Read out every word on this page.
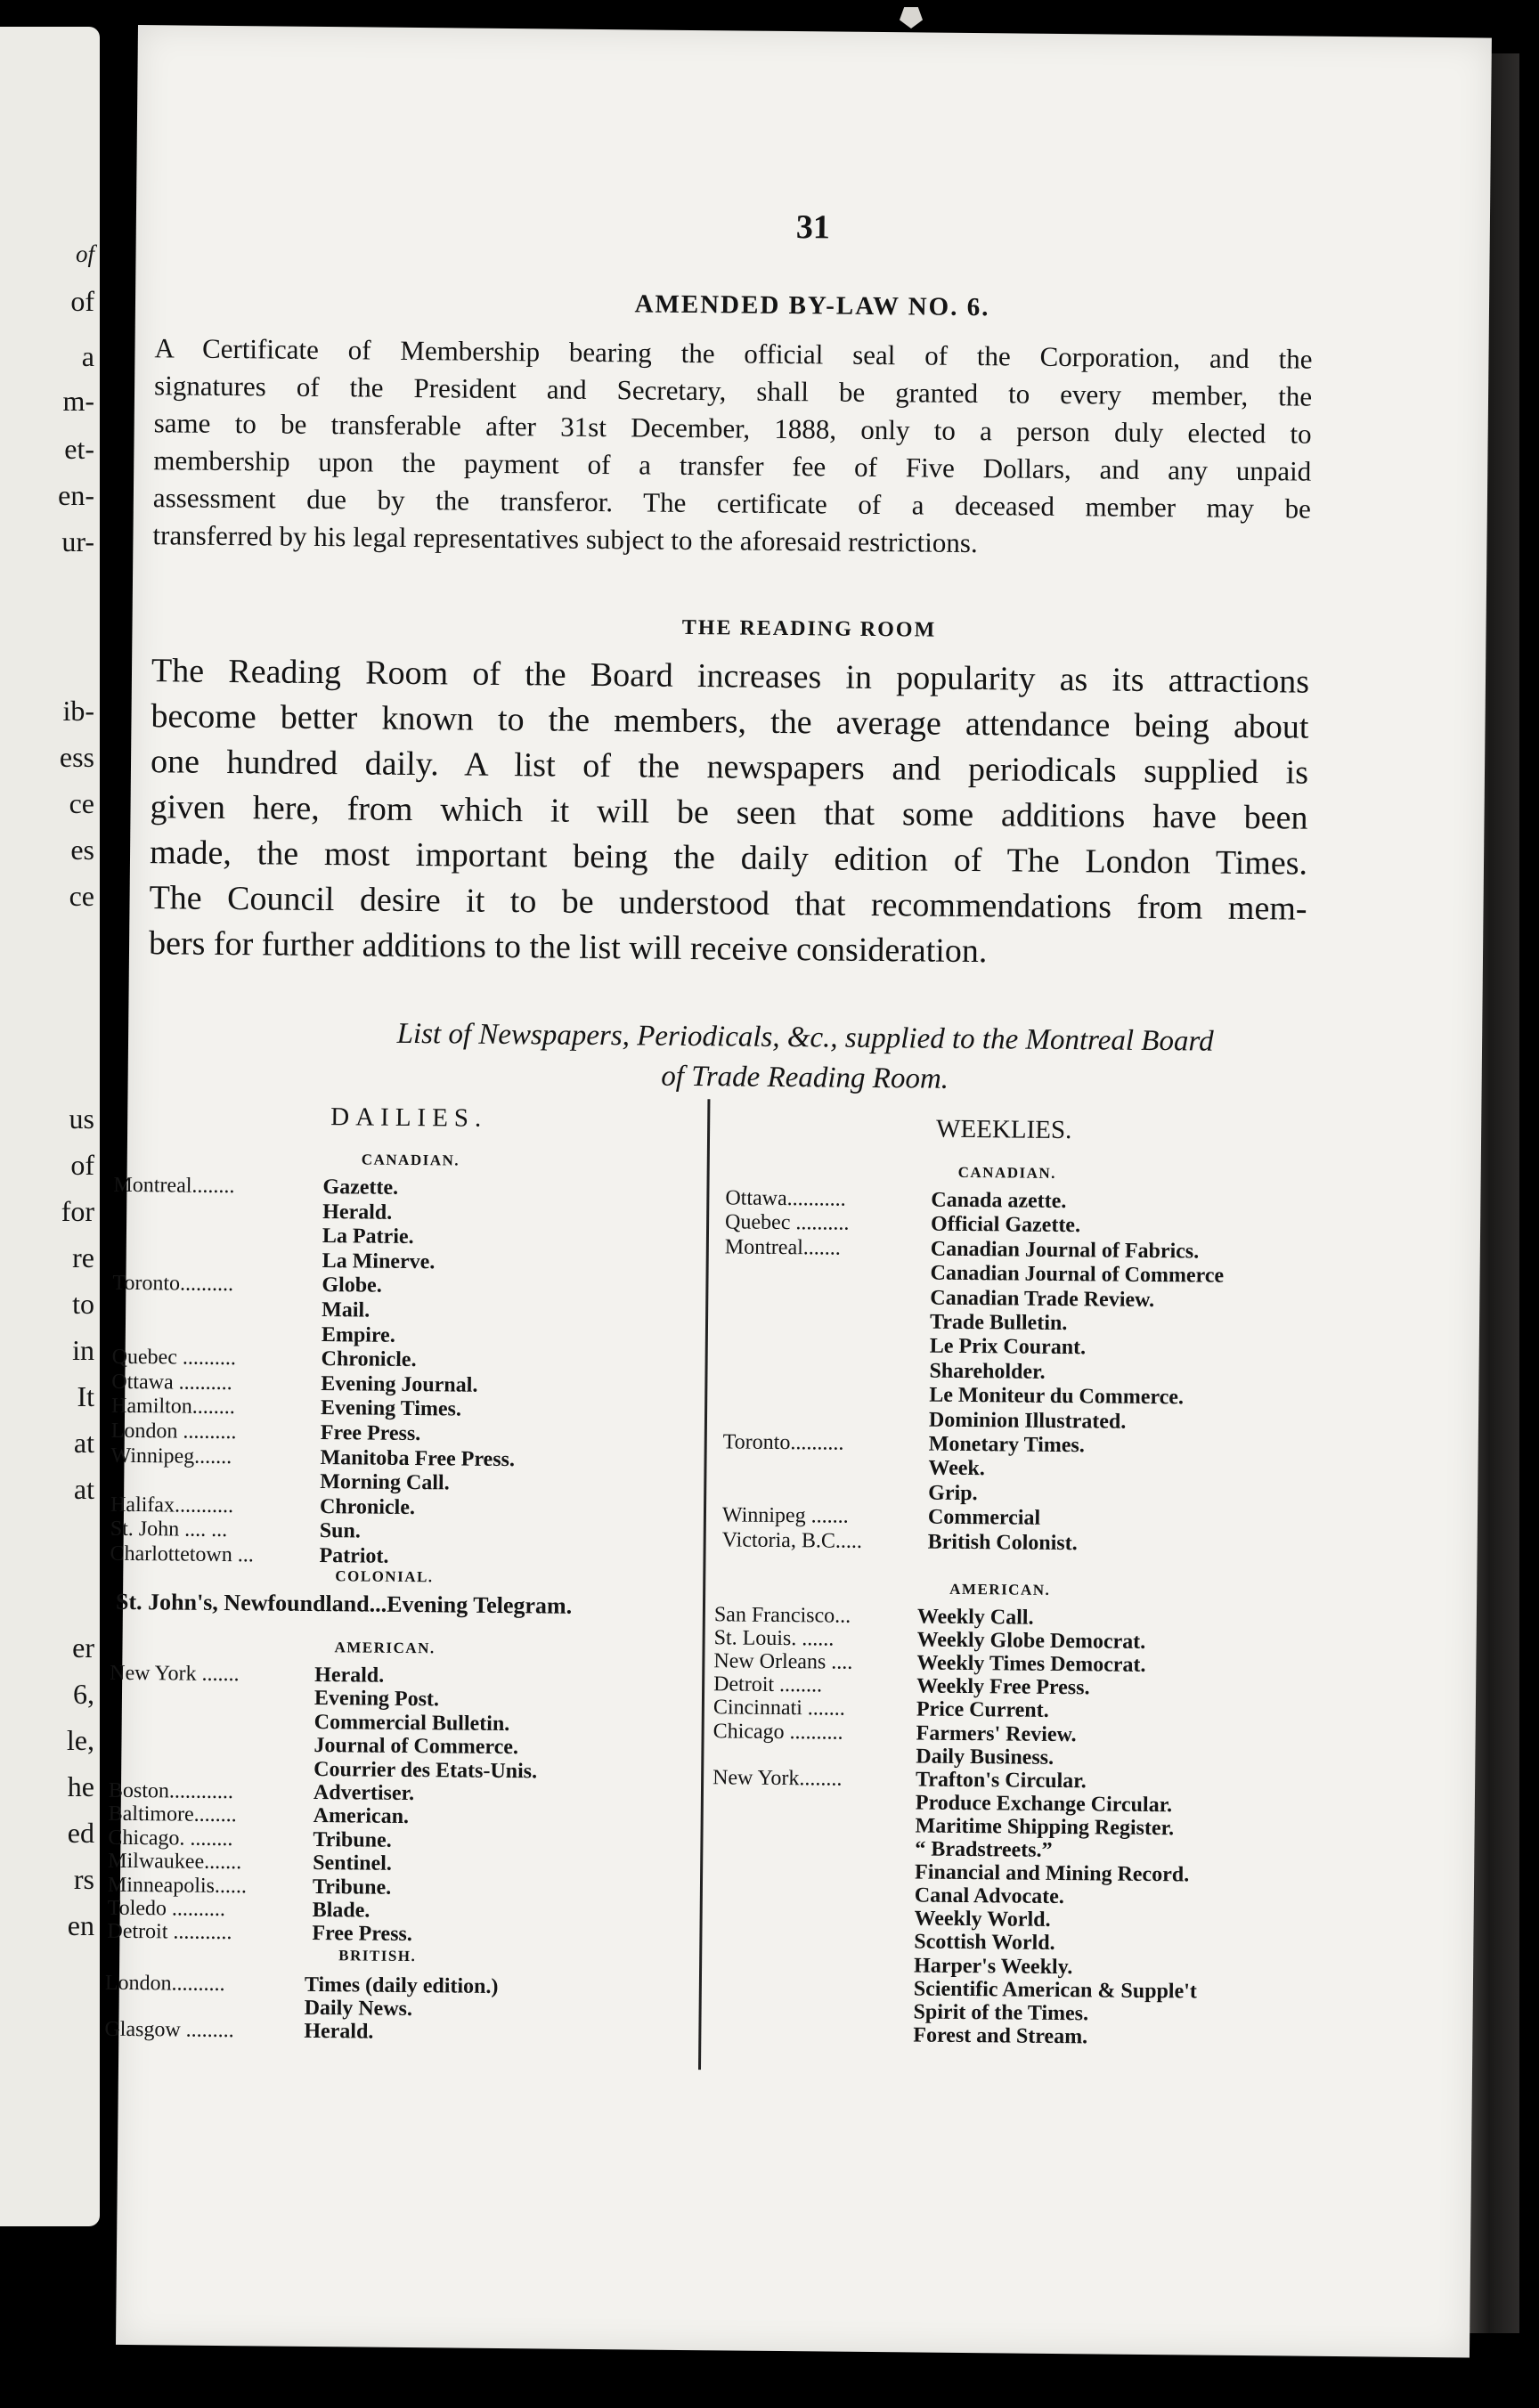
of
of
a
m-
et-
en-
ur-
ib-
ess
ce
es
ce
us
of
for
re
to
in
It
at
at
er
6,
le,
he
ed
rs
en
31
AMENDED BY-LAW NO. 6.
A Certificate of Membership bearing the official seal of the Corporation, and the
signatures of the President and Secretary, shall be granted to every member, the
same to be transferable after 31st December, 1888, only to a person duly elected to
membership upon the payment of a transfer fee of Five Dollars, and any unpaid
assessment due by the transferor. The certificate of a deceased member may be
transferred by his legal representatives subject to the aforesaid restrictions.
THE READING ROOM
The Reading Room of the Board increases in popularity as its attractions
become better known to the members, the average attendance being about
one hundred daily. A list of the newspapers and periodicals supplied is
given here, from which it will be seen that some additions have been
made, the most important being the daily edition of The London Times.
The Council desire it to be understood that recommendations from mem-
bers for further additions to the list will receive consideration.
List of Newspapers, Periodicals, &c., supplied to the Montreal Board
of Trade Reading Room.
DAILIES.
CANADIAN.
Montreal........	Gazette.
Herald.
La Patrie.
La Minerve.
Toronto..........	Globe.
Mail.
Empire.
Quebec ..........	Chronicle.
Ottawa ..........	Evening Journal.
Hamilton........	Evening Times.
London ..........	Free Press.
Winnipeg.......	Manitoba Free Press.
Morning Call.
Halifax...........	Chronicle.
St. John .... ...	Sun.
Charlottetown ...	Patriot.
COLONIAL.
St. John's, Newfoundland...Evening Telegram.
AMERICAN.
New York .......	Herald.
Evening Post.
Commercial Bulletin.
Journal of Commerce.
Courrier des Etats-Unis.
Boston............	Advertiser.
Baltimore........	American.
Chicago. ........	Tribune.
Milwaukee.......	Sentinel.
Minneapolis......	Tribune.
Toledo ..........	Blade.
Detroit ...........	Free Press.
BRITISH.
London..........	Times (daily edition.)
Daily News.
Glasgow .........	Herald.
WEEKLIES.
CANADIAN.
Ottawa...........	Canada azette.
Quebec ..........	Official Gazette.
Montreal.......	Canadian Journal of Fabrics.
Canadian Journal of Commerce
Canadian Trade Review.
Trade Bulletin.
Le Prix Courant.
Shareholder.
Le Moniteur du Commerce.
Dominion Illustrated.
Toronto..........	Monetary Times.
Week.
Grip.
Winnipeg .......	Commercial
Victoria, B.C.....	British Colonist.
AMERICAN.
San Francisco...	Weekly Call.
St. Louis. ......	Weekly Globe Democrat.
New Orleans ....	Weekly Times Democrat.
Detroit ........	Weekly Free Press.
Cincinnati .......	Price Current.
Chicago ..........	Farmers' Review.
Daily Business.
New York........	Trafton's Circular.
Produce Exchange Circular.
Maritime Shipping Register.
“ Bradstreets.”
Financial and Mining Record.
Canal Advocate.
Weekly World.
Scottish World.
Harper's Weekly.
Scientific American & Supple't
Spirit of the Times.
Forest and Stream.
